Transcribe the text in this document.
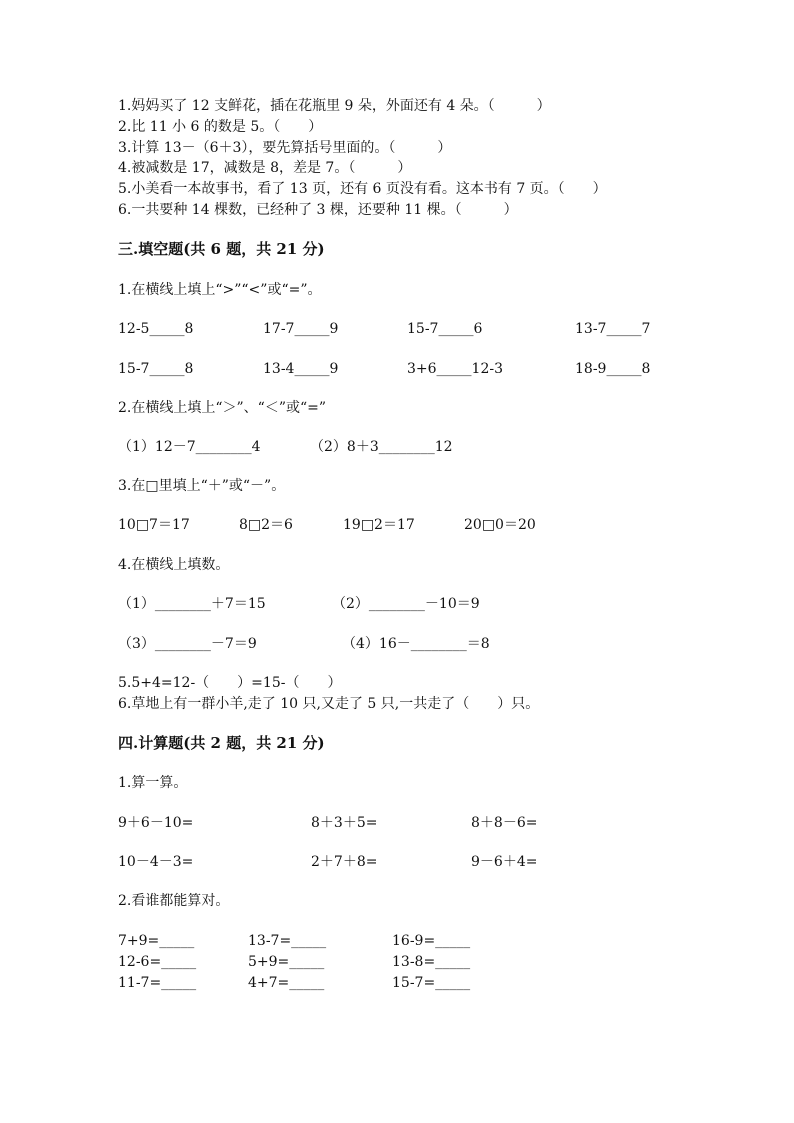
1.妈妈买了 12 支鲜花，插在花瓶里 9 朵，外面还有 4 朵。（　　　）
2.比 11 小 6 的数是 5。（　　）
3.计算 13－（6＋3），要先算括号里面的。（　　　）
4.被减数是 17，减数是 8，差是 7。（　　　）
5.小美看一本故事书，看了 13 页，还有 6 页没有看。这本书有 7 页。（　　）
6.一共要种 14 棵数，已经种了 3 棵，还要种 11 棵。（　　　）
三.填空题(共 6 题，共 21 分)
1.在横线上填上“>”“<”或“=”。
12-5_____8	17-7_____9	15-7_____6	13-7_____7
15-7_____8	13-4_____9	3+6_____12-3	18-9_____8
2.在横线上填上“＞”、“＜”或“=”
（1）12－7________4	（2）8＋3________12
3.在□里填上“＋”或“－”。
10□7＝17	8□2＝6	19□2＝17	20□0＝20
4.在横线上填数。
（1）________＋7＝15	（2）________－10＝9
（3）________－7＝9	（4）16－________＝8
5.5+4=12-（　　）=15-（　　）
6.草地上有一群小羊,走了 10 只,又走了 5 只,一共走了（　　）只。
四.计算题(共 2 题，共 21 分)
1.算一算。
9＋6－10=	8＋3＋5=	8＋8－6=
10－4－3=	2＋7＋8=	9－6＋4=
2.看谁都能算对。
7+9=_____	13-7=_____	16-9=_____
12-6=_____	5+9=_____	13-8=_____
11-7=_____	4+7=_____	15-7=_____
